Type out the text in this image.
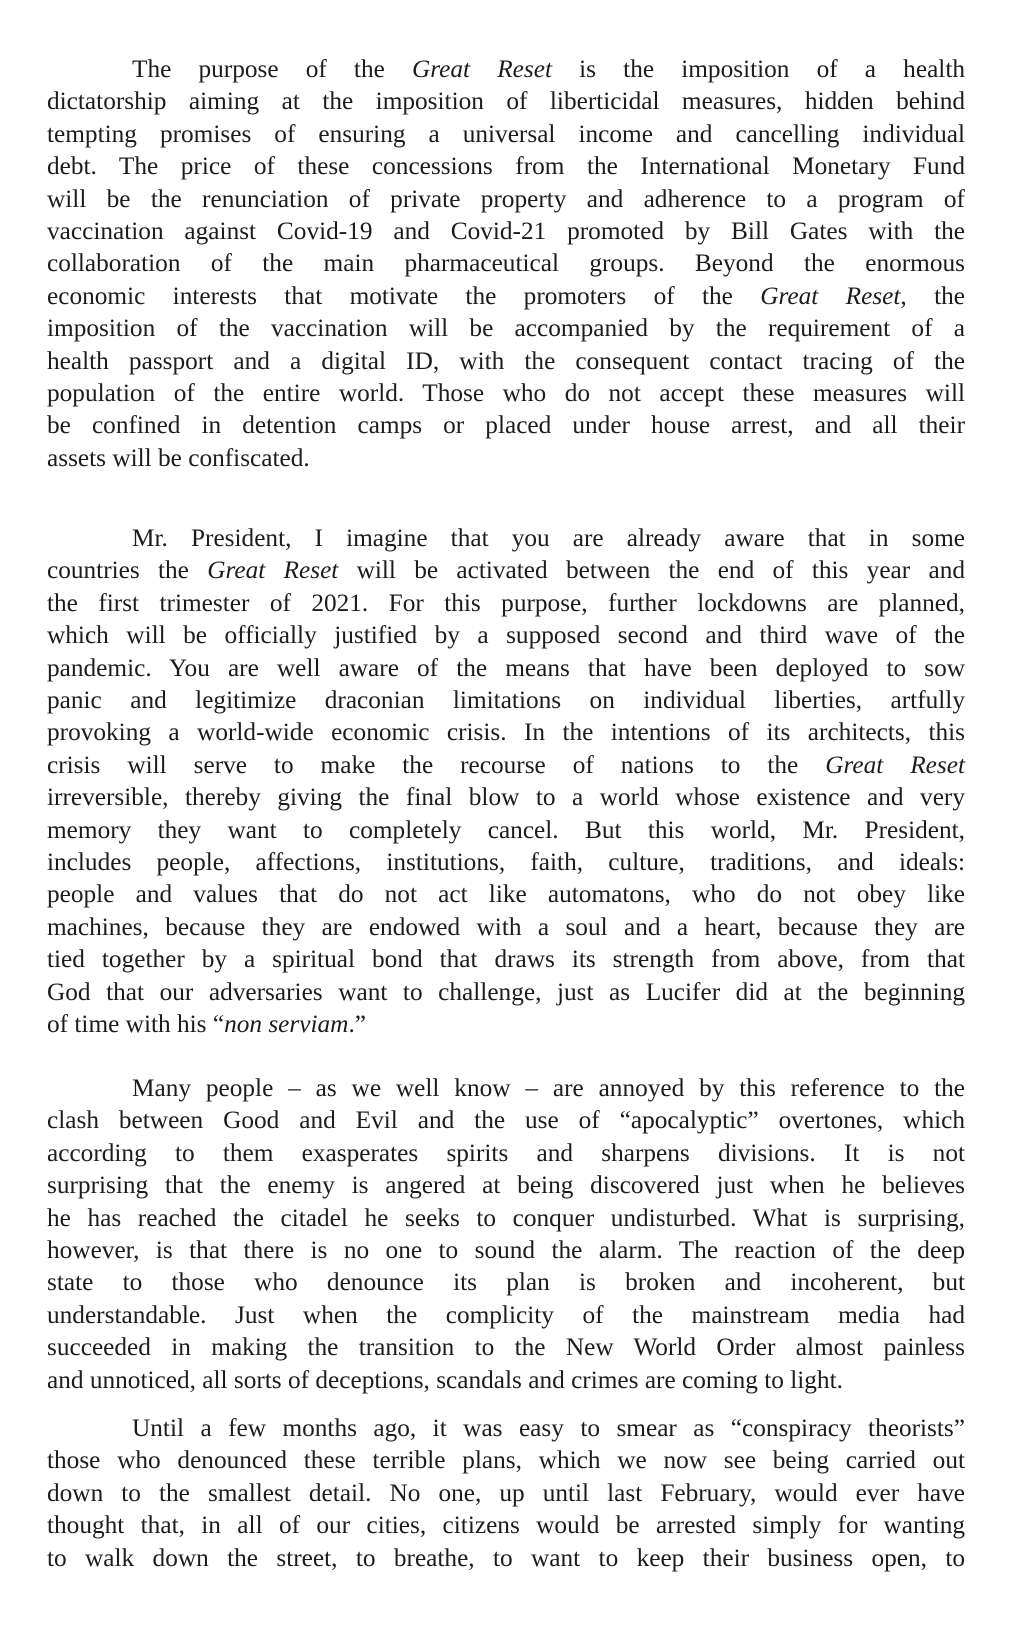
The purpose of the Great Reset is the imposition of a health
dictatorship aiming at the imposition of liberticidal measures, hidden behind
tempting promises of ensuring a universal income and cancelling individual
debt. The price of these concessions from the International Monetary Fund
will be the renunciation of private property and adherence to a program of
vaccination against Covid-19 and Covid-21 promoted by Bill Gates with the
collaboration of the main pharmaceutical groups. Beyond the enormous
economic interests that motivate the promoters of the Great Reset, the
imposition of the vaccination will be accompanied by the requirement of a
health passport and a digital ID, with the consequent contact tracing of the
population of the entire world. Those who do not accept these measures will
be confined in detention camps or placed under house arrest, and all their
assets will be confiscated.
Mr. President, I imagine that you are already aware that in some
countries the Great Reset will be activated between the end of this year and
the first trimester of 2021. For this purpose, further lockdowns are planned,
which will be officially justified by a supposed second and third wave of the
pandemic. You are well aware of the means that have been deployed to sow
panic and legitimize draconian limitations on individual liberties, artfully
provoking a world-wide economic crisis. In the intentions of its architects, this
crisis will serve to make the recourse of nations to the Great Reset
irreversible, thereby giving the final blow to a world whose existence and very
memory they want to completely cancel. But this world, Mr. President,
includes people, affections, institutions, faith, culture, traditions, and ideals:
people and values that do not act like automatons, who do not obey like
machines, because they are endowed with a soul and a heart, because they are
tied together by a spiritual bond that draws its strength from above, from that
God that our adversaries want to challenge, just as Lucifer did at the beginning
of time with his “non serviam.”
Many people – as we well know – are annoyed by this reference to the
clash between Good and Evil and the use of “apocalyptic” overtones, which
according to them exasperates spirits and sharpens divisions. It is not
surprising that the enemy is angered at being discovered just when he believes
he has reached the citadel he seeks to conquer undisturbed. What is surprising,
however, is that there is no one to sound the alarm. The reaction of the deep
state to those who denounce its plan is broken and incoherent, but
understandable. Just when the complicity of the mainstream media had
succeeded in making the transition to the New World Order almost painless
and unnoticed, all sorts of deceptions, scandals and crimes are coming to light.
Until a few months ago, it was easy to smear as “conspiracy theorists”
those who denounced these terrible plans, which we now see being carried out
down to the smallest detail. No one, up until last February, would ever have
thought that, in all of our cities, citizens would be arrested simply for wanting
to walk down the street, to breathe, to want to keep their business open, to
